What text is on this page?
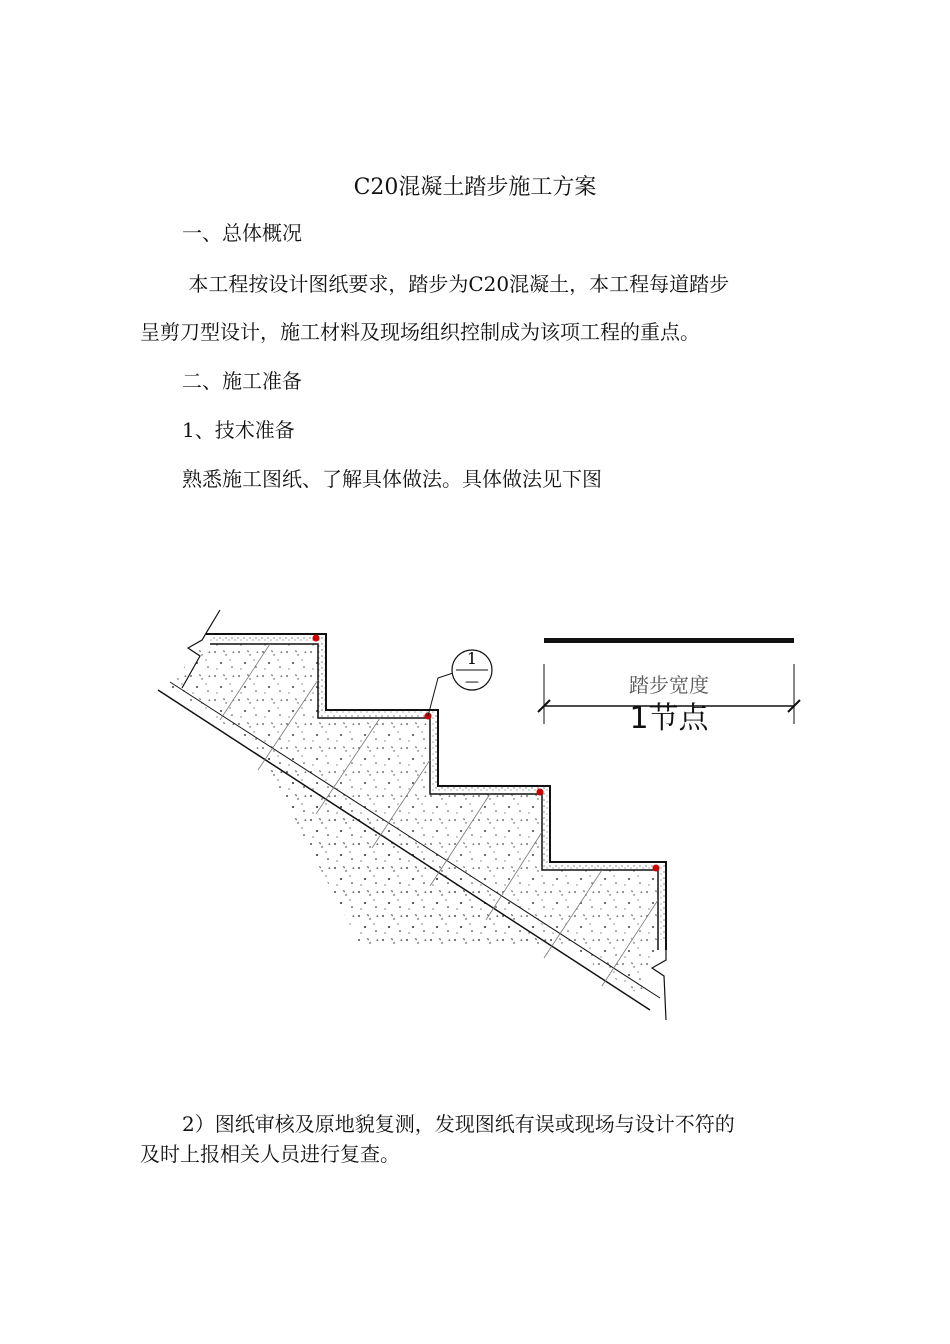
C20混凝土踏步施工方案
一、总体概况
本工程按设计图纸要求，踏步为C20混凝土，本工程每道踏步
呈剪刀型设计，施工材料及现场组织控制成为该项工程的重点。
二、施工准备
1、技术准备
熟悉施工图纸、了解具体做法。具体做法见下图
1
—	踏步宽度
1节点
2）图纸审核及原地貌复测，发现图纸有误或现场与设计不符的
及时上报相关人员进行复查。
